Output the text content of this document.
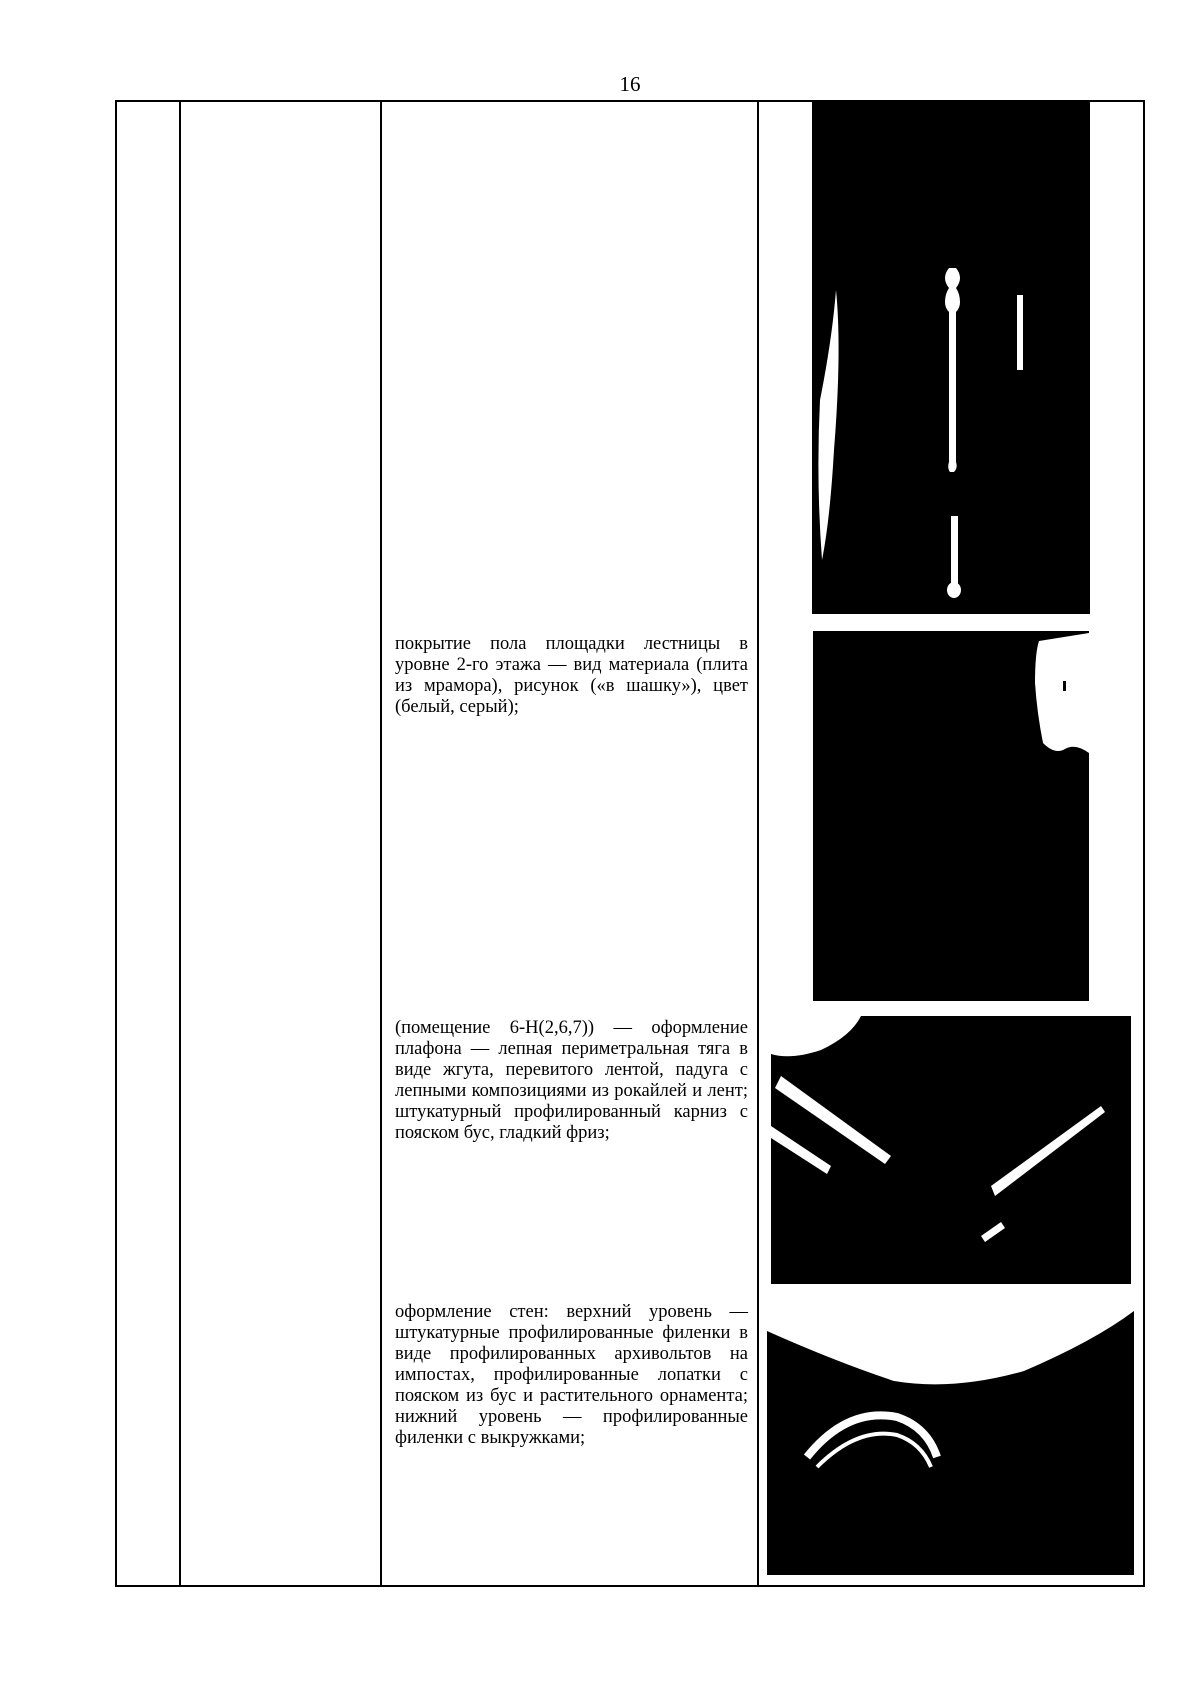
16
покрытие пола площадки лестницы в уровне 2-го этажа — вид материала (плита из мрамора), рисунок («в шашку»), цвет (белый, серый);
(помещение 6-Н(2,6,7)) — оформление плафона — лепная периметральная тяга в виде жгута, перевитого лентой, падуга с лепными композициями из рокайлей и лент; штукатурный профилированный карниз с пояском бус, гладкий фриз;
оформление стен: верхний уровень — штукатурные профилированные филенки в виде профилированных архивольтов на импостах, профилированные лопатки с пояском из бус и растительного орнамента; нижний уровень — профилированные филенки с выкружками;
